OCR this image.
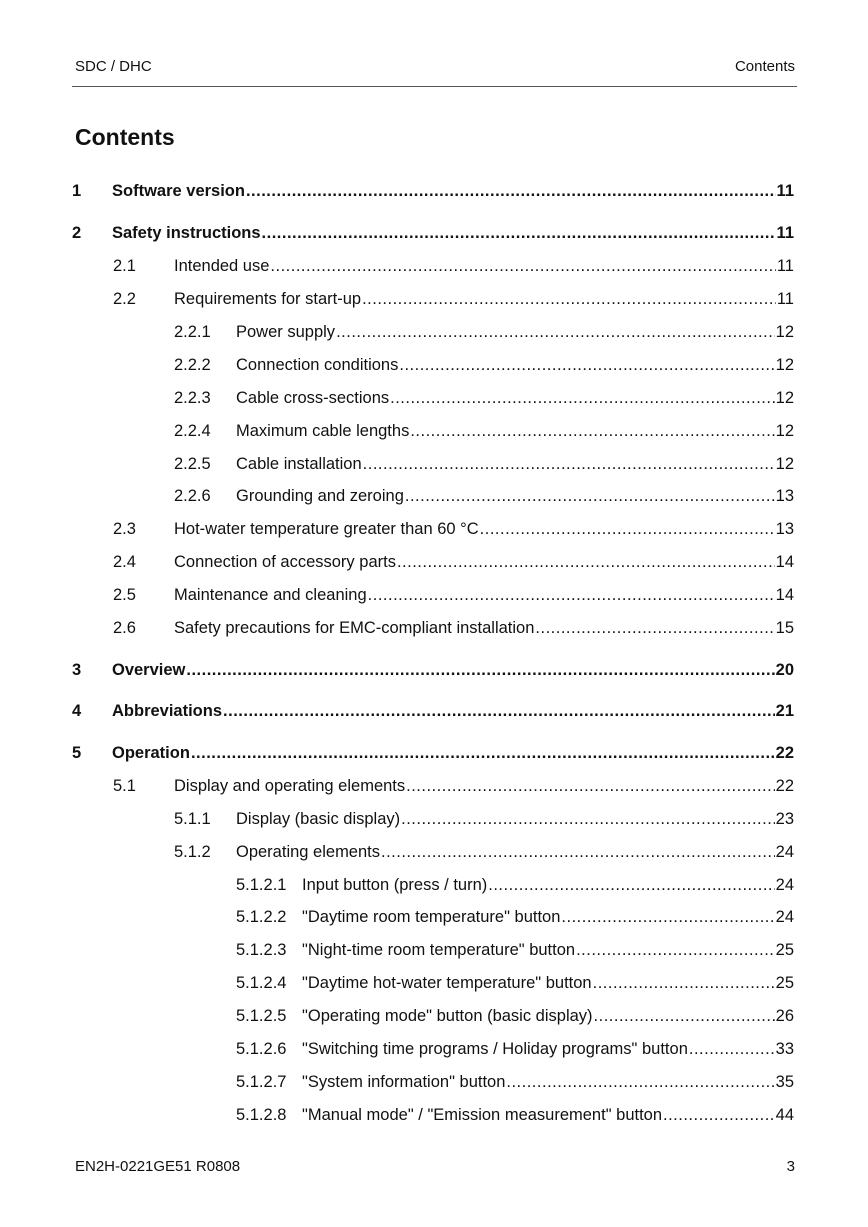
SDC / DHC	Contents
Contents
1	Software version .....	11
2	Safety instructions .....	11
2.1	Intended use .....	11
2.2	Requirements for start-up .....	11
2.2.1	Power supply .....	12
2.2.2	Connection conditions .....	12
2.2.3	Cable cross-sections .....	12
2.2.4	Maximum cable lengths .....	12
2.2.5	Cable installation .....	12
2.2.6	Grounding and zeroing .....	13
2.3	Hot-water temperature greater than 60 °C .....	13
2.4	Connection of accessory parts .....	14
2.5	Maintenance and cleaning .....	14
2.6	Safety precautions for EMC-compliant installation .....	15
3	Overview .....	20
4	Abbreviations .....	21
5	Operation .....	22
5.1	Display and operating elements .....	22
5.1.1	Display (basic display) .....	23
5.1.2	Operating elements .....	24
5.1.2.1 Input button (press / turn) .....	24
5.1.2.2 "Daytime room temperature" button .....	24
5.1.2.3 "Night-time room temperature" button .....	25
5.1.2.4 "Daytime hot-water temperature" button .....	25
5.1.2.5 "Operating mode" button (basic display) .....	26
5.1.2.6 "Switching time programs / Holiday programs" button .....	33
5.1.2.7 "System information" button .....	35
5.1.2.8 "Manual mode" / "Emission measurement" button .....	44
EN2H-0221GE51 R0808	3
